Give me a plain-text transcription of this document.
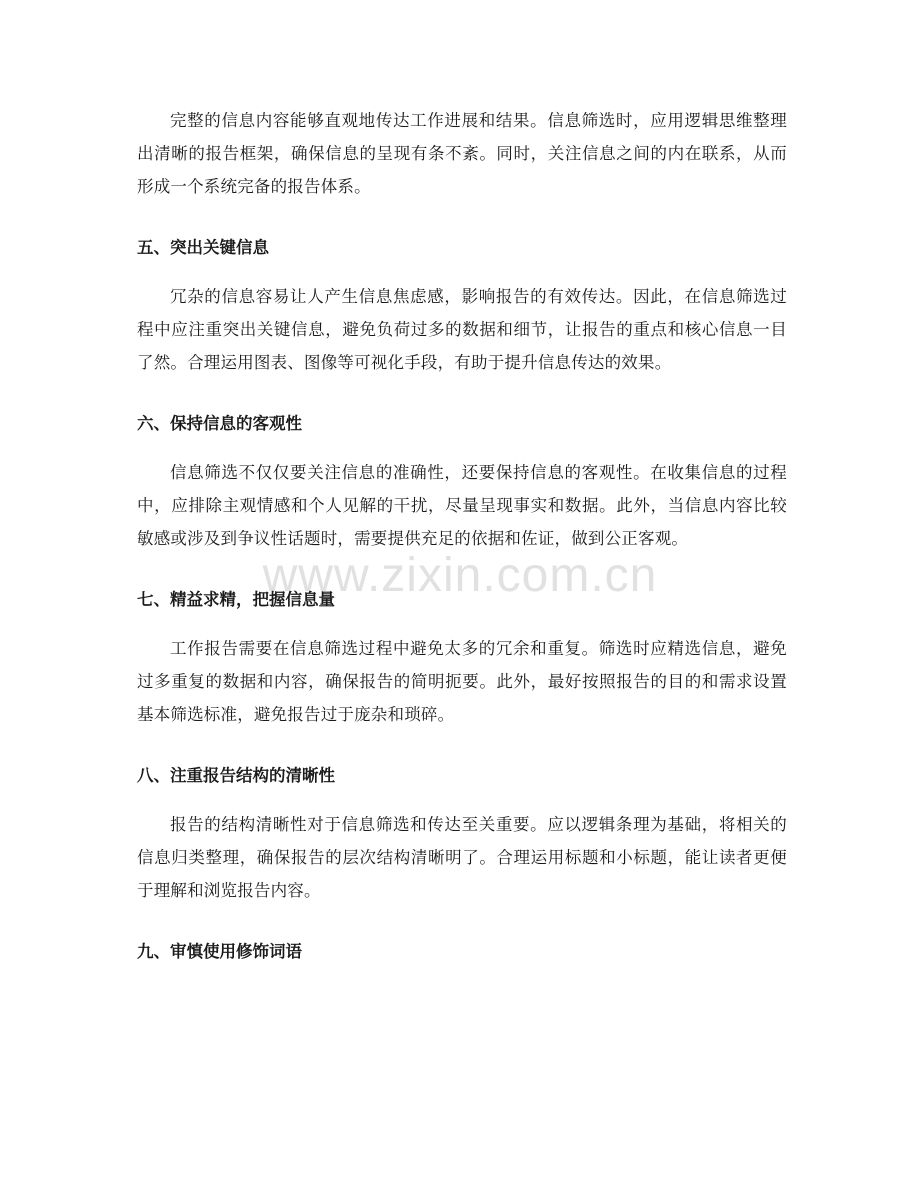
完整的信息内容能够直观地传达工作进展和结果。信息筛选时，应用逻辑思维整理出清晰的报告框架，确保信息的呈现有条不紊。同时，关注信息之间的内在联系，从而形成一个系统完备的报告体系。

五、突出关键信息

冗杂的信息容易让人产生信息焦虑感，影响报告的有效传达。因此，在信息筛选过程中应注重突出关键信息，避免负荷过多的数据和细节，让报告的重点和核心信息一目了然。合理运用图表、图像等可视化手段，有助于提升信息传达的效果。

六、保持信息的客观性

信息筛选不仅仅要关注信息的准确性，还要保持信息的客观性。在收集信息的过程中，应排除主观情感和个人见解的干扰，尽量呈现事实和数据。此外，当信息内容比较敏感或涉及到争议性话题时，需要提供充足的依据和佐证，做到公正客观。

七、精益求精，把握信息量

工作报告需要在信息筛选过程中避免太多的冗余和重复。筛选时应精选信息，避免过多重复的数据和内容，确保报告的简明扼要。此外，最好按照报告的目的和需求设置基本筛选标准，避免报告过于庞杂和琐碎。

八、注重报告结构的清晰性

报告的结构清晰性对于信息筛选和传达至关重要。应以逻辑条理为基础，将相关的信息归类整理，确保报告的层次结构清晰明了。合理运用标题和小标题，能让读者更便于理解和浏览报告内容。

九、审慎使用修饰词语
www.zixin.com.cn
